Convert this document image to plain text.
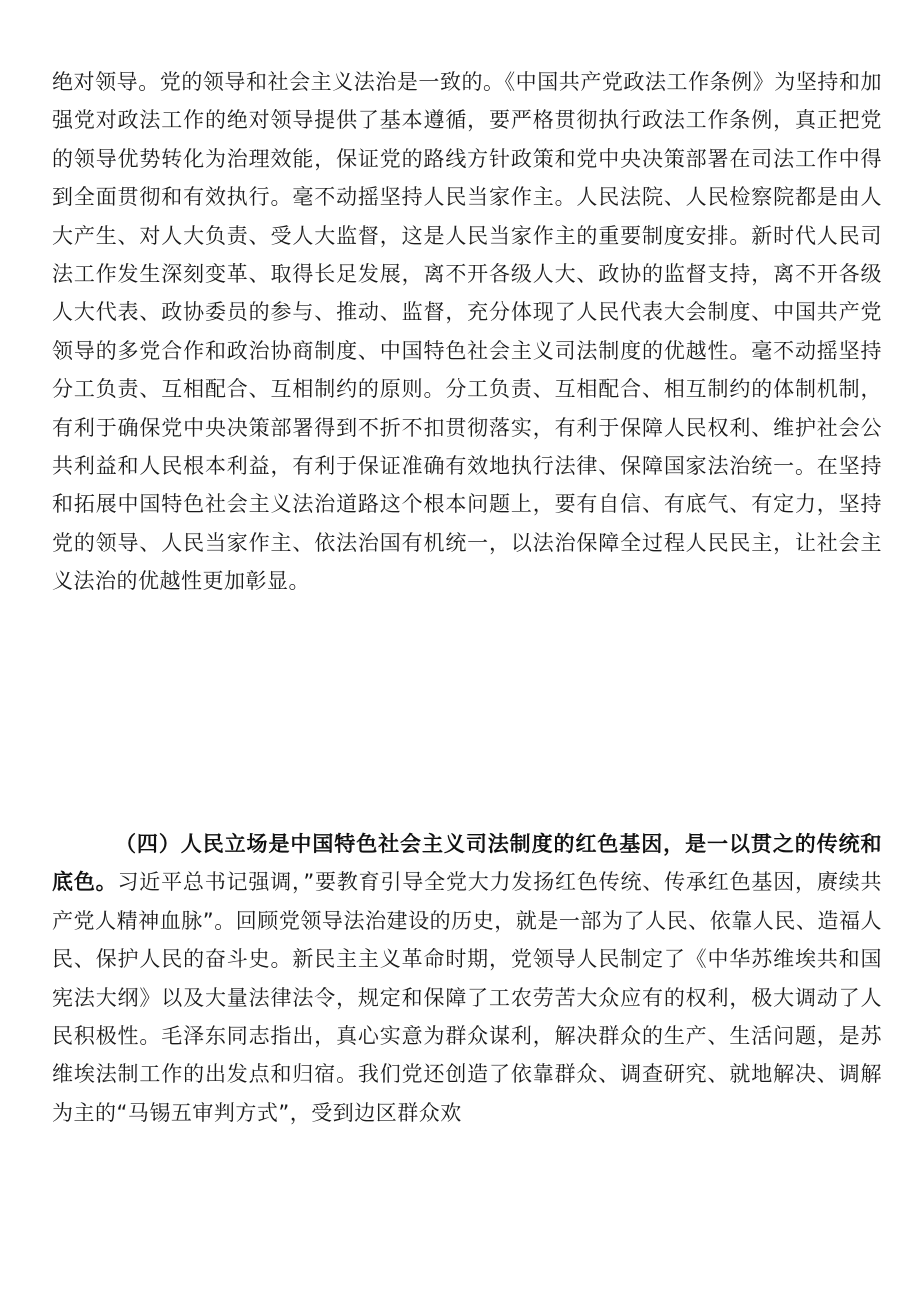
绝对领导。党的领导和社会主义法治是一致的。《中国共产党政法工作条例》为坚持和加强党对政法工作的绝对领导提供了基本遵循，要严格贯彻执行政法工作条例，真正把党的领导优势转化为治理效能，保证党的路线方针政策和党中央决策部署在司法工作中得到全面贯彻和有效执行。毫不动摇坚持人民当家作主。人民法院、人民检察院都是由人大产生、对人大负责、受人大监督，这是人民当家作主的重要制度安排。新时代人民司法工作发生深刻变革、取得长足发展，离不开各级人大、政协的监督支持，离不开各级人大代表、政协委员的参与、推动、监督，充分体现了人民代表大会制度、中国共产党领导的多党合作和政治协商制度、中国特色社会主义司法制度的优越性。毫不动摇坚持分工负责、互相配合、互相制约的原则。分工负责、互相配合、相互制约的体制机制，有利于确保党中央决策部署得到不折不扣贯彻落实，有利于保障人民权利、维护社会公共利益和人民根本利益，有利于保证准确有效地执行法律、保障国家法治统一。在坚持和拓展中国特色社会主义法治道路这个根本问题上，要有自信、有底气、有定力，坚持党的领导、人民当家作主、依法治国有机统一，以法治保障全过程人民民主，让社会主义法治的优越性更加彰显。

（四）人民立场是中国特色社会主义司法制度的红色基因，是一以贯之的传统和底色。习近平总书记强调，”要教育引导全党大力发扬红色传统、传承红色基因，赓续共产党人精神血脉”。回顾党领导法治建设的历史，就是一部为了人民、依靠人民、造福人民、保护人民的奋斗史。新民主主义革命时期，党领导人民制定了《中华苏维埃共和国宪法大纲》以及大量法律法令，规定和保障了工农劳苦大众应有的权利，极大调动了人民积极性。毛泽东同志指出，真心实意为群众谋利，解决群众的生产、生活问题，是苏维埃法制工作的出发点和归宿。我们党还创造了依靠群众、调查研究、就地解决、调解为主的“马锡五审判方式”，受到边区群众欢
